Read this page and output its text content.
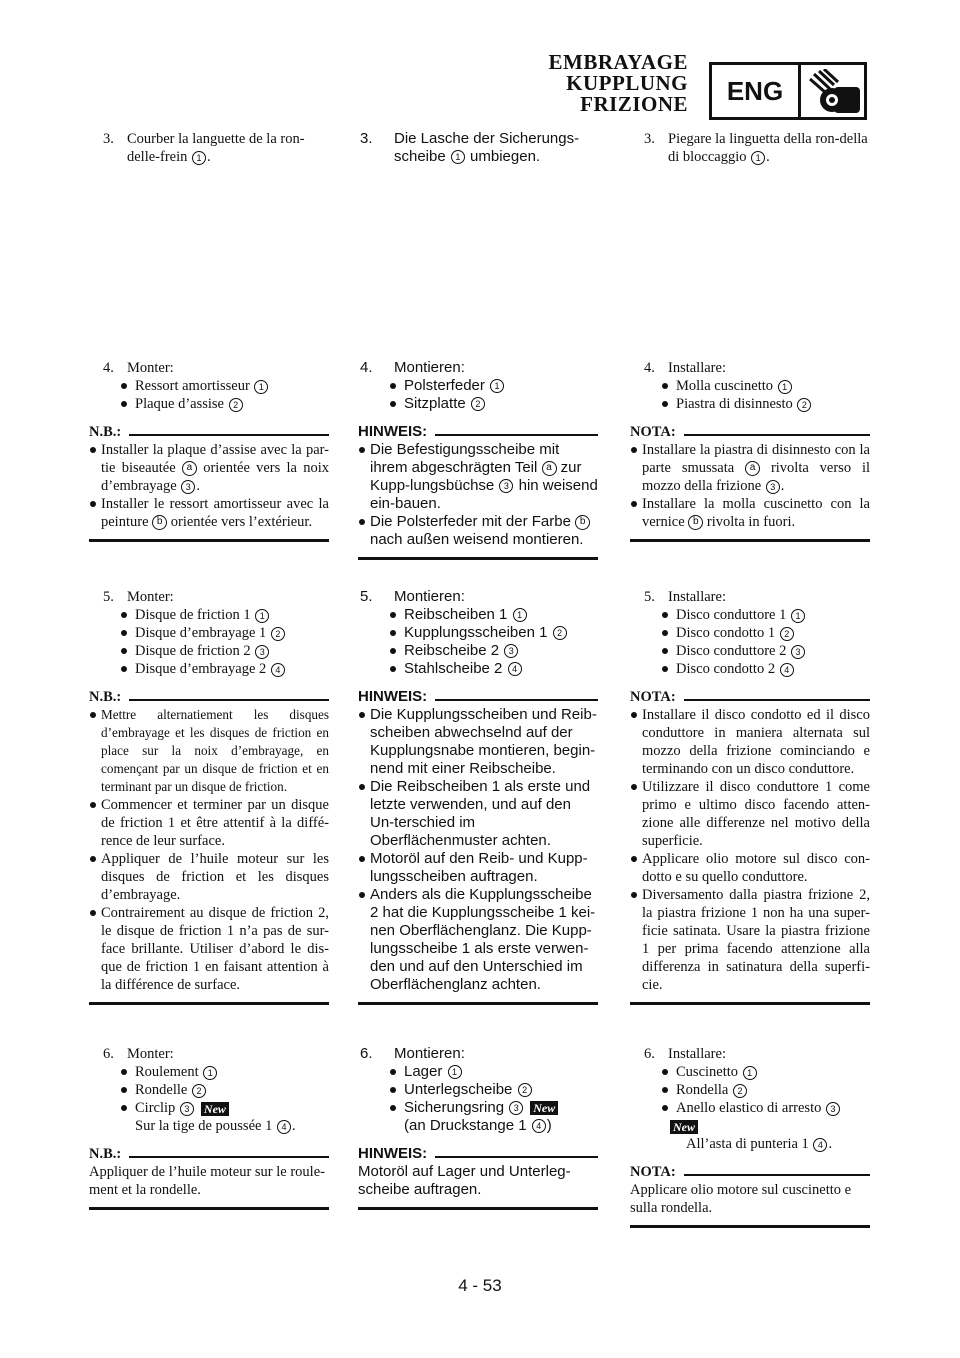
EMBRAYAGE
KUPPLUNG
FRIZIONE	ENG
3. Courber la languette de la ron-delle-frein 1 .
4. Monter:
Ressort amortisseur 1
Plaque d’assise 2
N.B.:
Installer la plaque d’assise avec la par-tie biseautée a orientée vers la noix d’embrayage 3 .
Installer le ressort amortisseur avec la peinture b orientée vers l’extérieur.
5. Monter:
Disque de friction 1 1
Disque d’embrayage 1 2
Disque de friction 2 3
Disque d’embrayage 2 4
N.B.:
Mettre alternatiement les disques d’embrayage et les disques de friction en place sur la noix d’embrayage, en començant par un disque de friction et en terminant par un disque de friction.
Commencer et terminer par un disque de friction 1 et être attentif à la diffé-rence de leur surface.
Appliquer de l’huile moteur sur les disques de friction et les disques d’embrayage.
Contrairement au disque de friction 2, le disque de friction 1 n’a pas de sur-face brillante. Utiliser d’abord le dis-que de friction 1 en faisant attention à la différence de surface.
6. Monter:
Roulement 1
Rondelle 2
Circlip 3 New
Sur la tige de poussée 1 4 .
N.B.:
Appliquer de l’huile moteur sur le roule-ment et la rondelle.
3. Die Lasche der Sicherungs-scheibe 1 umbiegen.
4. Montieren:
Polsterfeder 1
Sitzplatte 2
HINWEIS:
Die Befestigungsscheibe mit ihrem abgeschrägten Teil a zur Kupp-lungsbüchse 3 hin weisend ein-bauen.
Die Polsterfeder mit der Farbe b nach außen weisend montieren.
5. Montieren:
Reibscheiben 1 1
Kupplungsscheiben 1 2
Reibscheibe 2 3
Stahlscheibe 2 4
HINWEIS:
Die Kupplungsscheiben und Reib-scheiben abwechselnd auf der Kupplungsnabe montieren, begin-nend mit einer Reibscheibe.
Die Reibscheiben 1 als erste und letzte verwenden, und auf den Un-terschied im Oberflächenmuster achten.
Motoröl auf den Reib- und Kupp-lungsscheiben auftragen.
Anders als die Kupplungsscheibe 2 hat die Kupplungsscheibe 1 kei-nen Oberflächenglanz. Die Kupp-lungsscheibe 1 als erste verwen-den und auf den Unterschied im Oberflächenglanz achten.
6. Montieren:
Lager 1
Unterlegscheibe 2
Sicherungsring 3 New
(an Druckstange 1 4 )
HINWEIS:
Motoröl auf Lager und Unterleg-scheibe auftragen.
3. Piegare la linguetta della ron-della di bloccaggio 1 .
4. Installare:
Molla cuscinetto 1
Piastra di disinnesto 2
NOTA:
Installare la piastra di disinnesto con la parte smussata a rivolta verso il mozzo della frizione 3 .
Installare la molla cuscinetto con la vernice b rivolta in fuori.
5. Installare:
Disco conduttore 1 1
Disco condotto 1 2
Disco conduttore 2 3
Disco condotto 2 4
NOTA:
Installare il disco condotto ed il disco conduttore in maniera alternata sul mozzo della frizione cominciando e terminando con un disco conduttore.
Utilizzare il disco conduttore 1 come primo e ultimo disco facendo atten-zione alle differenze nel motivo della superficie.
Applicare olio motore sul disco con-dotto e su quello conduttore.
Diversamento dalla piastra frizione 2, la piastra frizione 1 non ha una super-ficie satinata. Usare la piastra frizione 1 per prima facendo attenzione alla differenza in satinatura della superfi-cie.
6. Installare:
Cuscinetto 1
Rondella 2
Anello elastico di arresto 3
New
All’asta di punteria 1 4 .
NOTA:
Applicare olio motore sul cuscinetto e sulla rondella.
4 - 53
